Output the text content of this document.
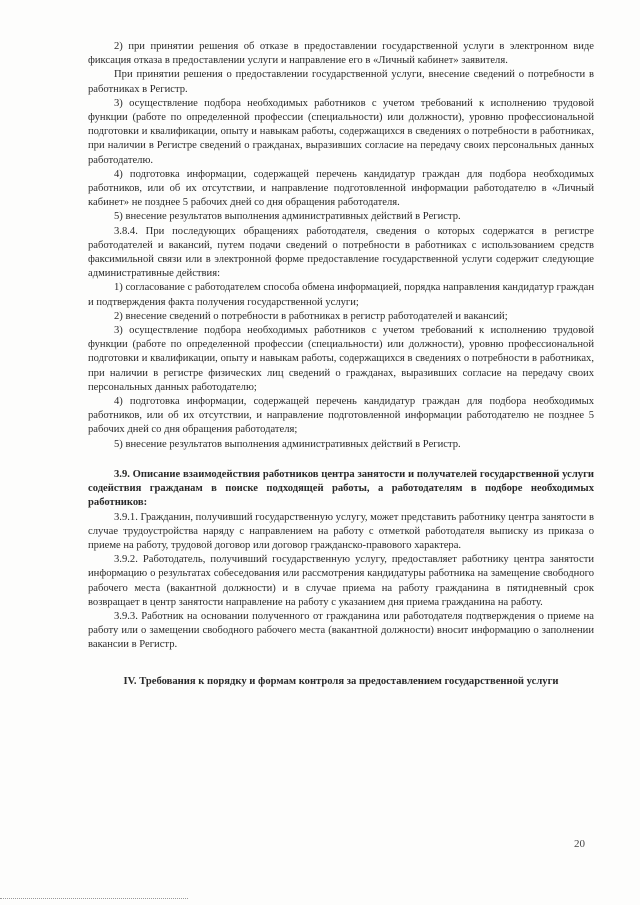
2) при принятии решения об отказе в предоставлении государственной услуги в электронном виде фиксация отказа в предоставлении услуги и направление его в «Личный кабинет» заявителя.

При принятии решения о предоставлении государственной услуги, внесение сведений о потребности в работниках в Регистр.

3) осуществление подбора необходимых работников с учетом требований к исполнению трудовой функции (работе по определенной профессии (специальности) или должности), уровню профессиональной подготовки и квалификации, опыту и навыкам работы, содержащихся в сведениях о потребности в работниках, при наличии в Регистре сведений о гражданах, выразивших согласие на передачу своих персональных данных работодателю.

4) подготовка информации, содержащей перечень кандидатур граждан для подбора необходимых работников, или об их отсутствии, и направление подготовленной информации работодателю в «Личный кабинет» не позднее 5 рабочих дней со дня обращения работодателя.

5) внесение результатов выполнения административных действий в Регистр.

3.8.4. При последующих обращениях работодателя, сведения о которых содержатся в регистре работодателей и вакансий, путем подачи сведений о потребности в работниках с использованием средств факсимильной связи или в электронной форме предоставление государственной услуги содержит следующие административные действия:

1) согласование с работодателем способа обмена информацией, порядка направления кандидатур граждан и подтверждения факта получения государственной услуги;

2) внесение сведений о потребности в работниках в регистр работодателей и вакансий;

3) осуществление подбора необходимых работников с учетом требований к исполнению трудовой функции (работе по определенной профессии (специальности) или должности), уровню профессиональной подготовки и квалификации, опыту и навыкам работы, содержащихся в сведениях о потребности в работниках, при наличии в регистре физических лиц сведений о гражданах, выразивших согласие на передачу своих персональных данных работодателю;

4) подготовка информации, содержащей перечень кандидатур граждан для подбора необходимых работников, или об их отсутствии, и направление подготовленной информации работодателю не позднее 5 рабочих дней со дня обращения работодателя;

5) внесение результатов выполнения административных действий в Регистр.

3.9. Описание взаимодействия работников центра занятости и получателей государственной услуги содействия гражданам в поиске подходящей работы, а работодателям в подборе необходимых работников:

3.9.1. Гражданин, получивший государственную услугу, может представить работнику центра занятости в случае трудоустройства наряду с направлением на работу с отметкой работодателя выписку из приказа о приеме на работу, трудовой договор или договор гражданско-правового характера.

3.9.2. Работодатель, получивший государственную услугу, предоставляет работнику центра занятости информацию о результатах собеседования или рассмотрения кандидатуры работника на замещение свободного рабочего места (вакантной должности) и в случае приема на работу гражданина в пятидневный срок возвращает в центр занятости направление на работу с указанием дня приема гражданина на работу.

3.9.3. Работник на основании полученного от гражданина или работодателя подтверждения о приеме на работу или о замещении свободного рабочего места (вакантной должности) вносит информацию о заполнении вакансии в Регистр.

IV. Требования к порядку и формам контроля за предоставлением государственной услуги

20
